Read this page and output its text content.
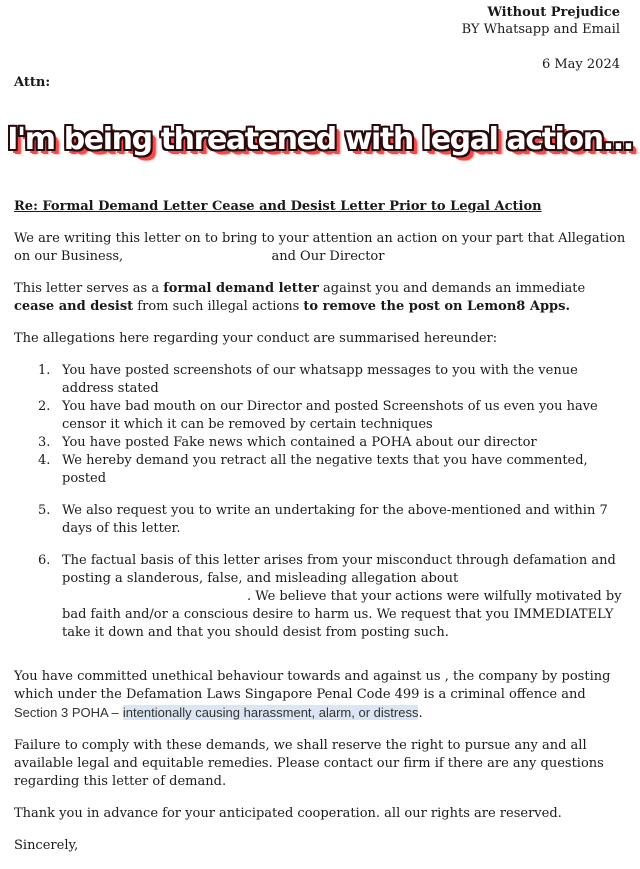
Without Prejudice
BY Whatsapp and Email
6 May 2024
Attn:
I'm being threatened with legal action...
Re: Formal Demand Letter Cease and Desist Letter Prior to Legal Action

We are writing this letter on to bring to your attention an action on your part that Allegation on our Business,	and Our Director

This letter serves as a formal demand letter against you and demands an immediate cease and desist from such illegal actions to remove the post on Lemon8 Apps.

The allegations here regarding your conduct are summarised hereunder:

1. You have posted screenshots of our whatsapp messages to you with the venue address stated
2. You have bad mouth on our Director and posted Screenshots of us even you have censor it which it can be removed by certain techniques
3. You have posted Fake news which contained a POHA about our director
4. We hereby demand you retract all the negative texts that you have commented, posted
5. We also request you to write an undertaking for the above-mentioned and within 7 days of this letter.
6. The factual basis of this letter arises from your misconduct through defamation and posting a slanderous, false, and misleading allegation about . We believe that your actions were wilfully motivated by bad faith and/or a conscious desire to harm us. We request that you IMMEDIATELY take it down and that you should desist from posting such.

You have committed unethical behaviour towards and against us , the company by posting which under the Defamation Laws Singapore Penal Code 499 is a criminal offence and Section 3 POHA – intentionally causing harassment, alarm, or distress.

Failure to comply with these demands, we shall reserve the right to pursue any and all available legal and equitable remedies. Please contact our firm if there are any questions regarding this letter of demand.

Thank you in advance for your anticipated cooperation. all our rights are reserved.

Sincerely,
